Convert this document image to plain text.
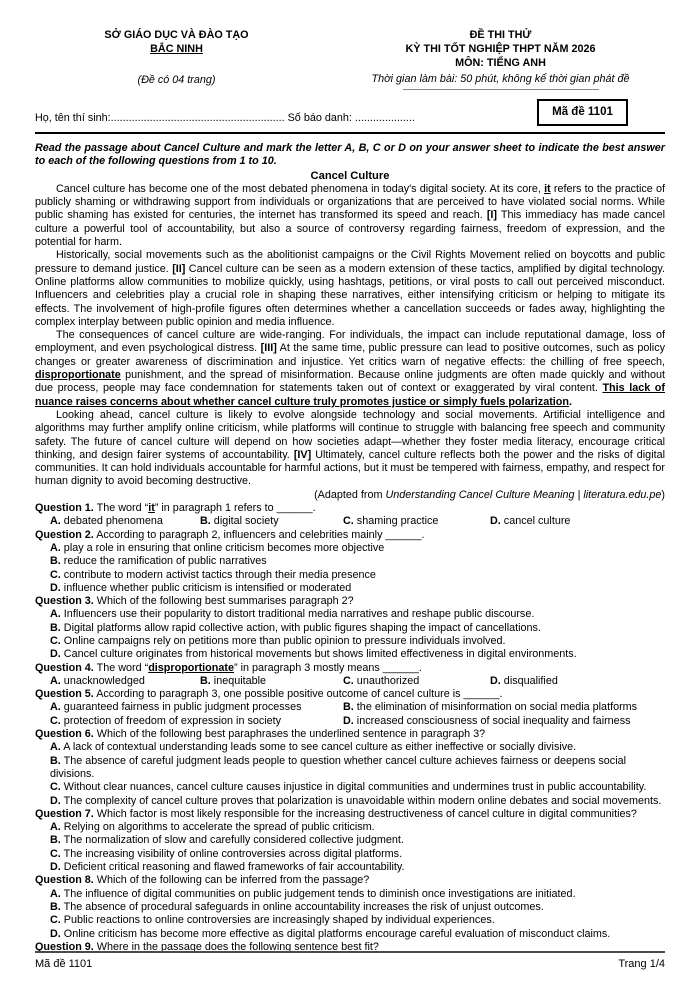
SỞ GIÁO DỤC VÀ ĐÀO TẠO
BẮC NINH
(Đề có 04 trang)
ĐỀ THI THỬ
KỲ THI TỐT NGHIỆP THPT NĂM 2026
MÔN: TIẾNG ANH
Thời gian làm bài: 50 phút, không kể thời gian phát đề
Họ, tên thí sinh:.......................................................... Số báo danh: ....................	Mã đề 1101

Read the passage about Cancel Culture and mark the letter A, B, C or D on your answer sheet to indicate the best answer to each of the following questions from 1 to 10.

Cancel Culture

Cancel culture has become one of the most debated phenomena in today's digital society. At its core, it refers to the practice of publicly shaming or withdrawing support from individuals or organizations that are perceived to have violated social norms. While public shaming has existed for centuries, the internet has transformed its speed and reach. [I] This immediacy has made cancel culture a powerful tool of accountability, but also a source of controversy regarding fairness, freedom of expression, and the potential for harm.

Historically, social movements such as the abolitionist campaigns or the Civil Rights Movement relied on boycotts and public pressure to demand justice. [II] Cancel culture can be seen as a modern extension of these tactics, amplified by digital technology. Online platforms allow communities to mobilize quickly, using hashtags, petitions, or viral posts to call out perceived misconduct. Influencers and celebrities play a crucial role in shaping these narratives, either intensifying criticism or helping to mitigate its effects. The involvement of high-profile figures often determines whether a cancellation succeeds or fades away, highlighting the complex interplay between public opinion and media influence.

The consequences of cancel culture are wide-ranging. For individuals, the impact can include reputational damage, loss of employment, and even psychological distress. [III] At the same time, public pressure can lead to positive outcomes, such as policy changes or greater awareness of discrimination and injustice. Yet critics warn of negative effects: the chilling of free speech, disproportionate punishment, and the spread of misinformation. Because online judgments are often made quickly and without due process, people may face condemnation for statements taken out of context or exaggerated by viral content. This lack of nuance raises concerns about whether cancel culture truly promotes justice or simply fuels polarization.

Looking ahead, cancel culture is likely to evolve alongside technology and social movements. Artificial intelligence and algorithms may further amplify online criticism, while platforms will continue to struggle with balancing free speech and community safety. The future of cancel culture will depend on how societies adapt—whether they foster media literacy, encourage critical thinking, and design fairer systems of accountability. [IV] Ultimately, cancel culture reflects both the power and the risks of digital communities. It can hold individuals accountable for harmful actions, but it must be tempered with fairness, empathy, and respect for human dignity to avoid becoming destructive.

(Adapted from Understanding Cancel Culture Meaning | literatura.edu.pe)
Question 1. The word “it” in paragraph 1 refers to ______.
A. debated phenomena	B. digital society	C. shaming practice	D. cancel culture
Question 2. According to paragraph 2, influencers and celebrities mainly ______.
A. play a role in ensuring that online criticism becomes more objective
B. reduce the ramification of public narratives
C. contribute to modern activist tactics through their media presence
D. influence whether public criticism is intensified or moderated
Question 3. Which of the following best summarises paragraph 2?
A. Influencers use their popularity to distort traditional media narratives and reshape public discourse.
B. Digital platforms allow rapid collective action, with public figures shaping the impact of cancellations.
C. Online campaigns rely on petitions more than public opinion to pressure individuals involved.
D. Cancel culture originates from historical movements but shows limited effectiveness in digital environments.
Question 4. The word “disproportionate” in paragraph 3 mostly means ______.
A. unacknowledged	B. inequitable	C. unauthorized	D. disqualified
Question 5. According to paragraph 3, one possible positive outcome of cancel culture is ______.
A. guaranteed fairness in public judgment processes	B. the elimination of misinformation on social media platforms
C. protection of freedom of expression in society	D. increased consciousness of social inequality and fairness
Question 6. Which of the following best paraphrases the underlined sentence in paragraph 3?
A. A lack of contextual understanding leads some to see cancel culture as either ineffective or socially divisive.
B. The absence of careful judgment leads people to question whether cancel culture achieves fairness or deepens social divisions.
C. Without clear nuances, cancel culture causes injustice in digital communities and undermines trust in public accountability.
D. The complexity of cancel culture proves that polarization is unavoidable within modern online debates and social movements.
Question 7. Which factor is most likely responsible for the increasing destructiveness of cancel culture in digital communities?
A. Relying on algorithms to accelerate the spread of public criticism.
B. The normalization of slow and carefully considered collective judgment.
C. The increasing visibility of online controversies across digital platforms.
D. Deficient critical reasoning and flawed frameworks of fair accountability.
Question 8. Which of the following can be inferred from the passage?
A. The influence of digital communities on public judgement tends to diminish once investigations are initiated.
B. The absence of procedural safeguards in online accountability increases the risk of unjust outcomes.
C. Public reactions to online controversies are increasingly shaped by individual experiences.
D. Online criticism has become more effective as digital platforms encourage careful evaluation of misconduct claims.
Question 9. Where in the passage does the following sentence best fit?
Mã đề 1101	Trang 1/4
